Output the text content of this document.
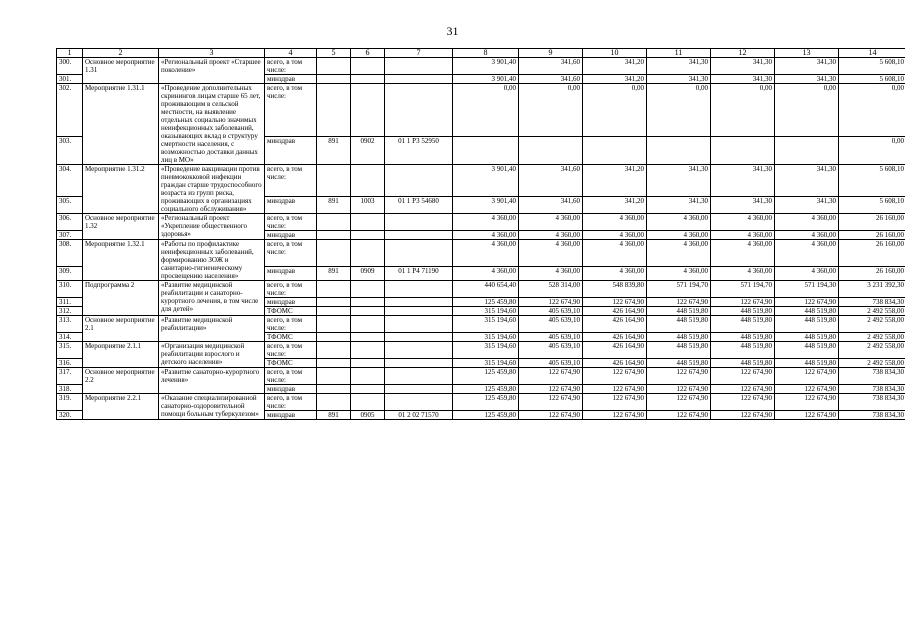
31
1	2	3	4	5	6	7	8	9	10	11	12	13	14
300.	Основное мероприятие 1.31	«Региональный проект «Старшее поколение»	всего, в том числе:				3 901,40	341,60	341,20	341,30	341,30	341,30	5 608,10
301.			минздрав				3 901,40	341,60	341,20	341,30	341,30	341,30	5 608,10
302.	Мероприятие 1.31.1	«Проведение дополнительных скринингов лицам старше 65 лет, проживающим в сельской местности, на выявление отдельных социально значимых неинфекционных заболеваний, оказывающих вклад в структуру смертности населения, с возможностью доставки данных лиц в МО»	всего, в том числе:				0,00	0,00	0,00	0,00	0,00	0,00	0,00
303.			минздрав	891	0902	01 1 Р3 52950							0,00
304.	Мероприятие 1.31.2	«Проведение вакцинации против пневмококковой инфекции граждан старше трудоспособного возраста из групп риска, проживающих в организациях социального обслуживания»	всего, в том числе:				3 901,40	341,60	341,20	341,30	341,30	341,30	5 608,10
305.			минздрав	891	1003	01 1 Р3 54680	3 901,40	341,60	341,20	341,30	341,30	341,30	5 608,10
306.	Основное мероприятие 1.32	«Региональный проект «Укрепление общественного здоровья»	всего, в том числе:				4 360,00	4 360,00	4 360,00	4 360,00	4 360,00	4 360,00	26 160,00
307.			минздрав				4 360,00	4 360,00	4 360,00	4 360,00	4 360,00	4 360,00	26 160,00
308.	Мероприятие 1.32.1	«Работы по профилактике неинфекционных заболеваний, формированию ЗОЖ и санитарно-гигиеническому просвещению населения»	всего, в том числе:				4 360,00	4 360,00	4 360,00	4 360,00	4 360,00	4 360,00	26 160,00
309.			минздрав	891	0909	01 1 Р4 71190	4 360,00	4 360,00	4 360,00	4 360,00	4 360,00	4 360,00	26 160,00
310.	Подпрограмма 2	«Развитие медицинской реабилитации и санаторно-курортного лечения, в том числе для детей»	всего, в том числе:				440 654,40	528 314,00	548 839,80	571 194,70	571 194,70	571 194,30	3 231 392,30
311.			минздрав				125 459,80	122 674,90	122 674,90	122 674,90	122 674,90	122 674,90	738 834,30
312.			ТФОМС				315 194,60	405 639,10	426 164,90	448 519,80	448 519,80	448 519,80	2 492 558,00
313.	Основное мероприятие 2.1	«Развитие медицинской реабилитации»	всего, в том числе:				315 194,60	405 639,10	426 164,90	448 519,80	448 519,80	448 519,80	2 492 558,00
314.			ТФОМС				315 194,60	405 639,10	426 164,90	448 519,80	448 519,80	448 519,80	2 492 558,00
315.	Мероприятие 2.1.1	«Организация медицинской реабилитации взрослого и детского населения»	всего, в том числе:				315 194,60	405 639,10	426 164,90	448 519,80	448 519,80	448 519,80	2 492 558,00
316.			ТФОМС				315 194,60	405 639,10	426 164,90	448 519,80	448 519,80	448 519,80	2 492 558,00
317.	Основное мероприятие 2.2	«Развитие санаторно-курортного лечения»	всего, в том числе:				125 459,80	122 674,90	122 674,90	122 674,90	122 674,90	122 674,90	738 834,30
318.			минздрав				125 459,80	122 674,90	122 674,90	122 674,90	122 674,90	122 674,90	738 834,30
319.	Мероприятие 2.2.1	«Оказание специализированной санаторно-оздоровительной помощи больным туберкулезом»	всего, в том числе:				125 459,80	122 674,90	122 674,90	122 674,90	122 674,90	122 674,90	738 834,30
320.			минздрав	891	0905	01 2 02 71570	125 459,80	122 674,90	122 674,90	122 674,90	122 674,90	122 674,90	738 834,30
